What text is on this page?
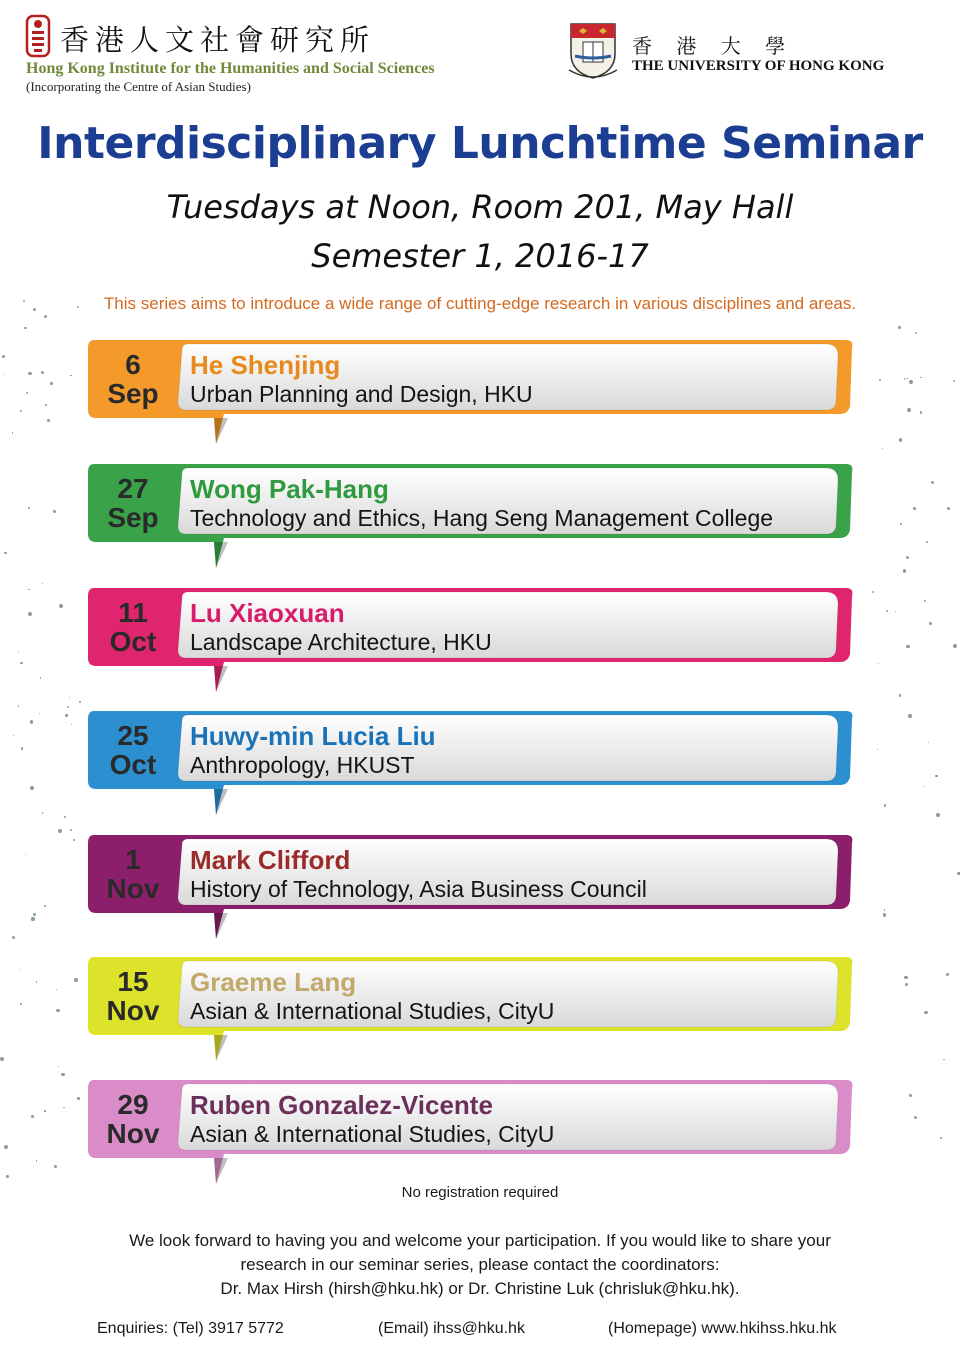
香港人文社會研究所
Hong Kong Institute for the Humanities and Social Sciences
(Incorporating the Centre of Asian Studies)
香 港 大 學
THE UNIVERSITY OF HONG KONG
Interdisciplinary Lunchtime Seminar
Tuesdays at Noon, Room 201, May Hall
Semester 1, 2016-17
This series aims to introduce a wide range of cutting-edge research in various disciplines and areas.
6
Sep
He Shenjing
Urban Planning and Design, HKU
27
Sep
Wong Pak-Hang
Technology and Ethics, Hang Seng Management College
11
Oct
Lu Xiaoxuan
Landscape Architecture, HKU
25
Oct
Huwy-min Lucia Liu
Anthropology, HKUST
1
Nov
Mark Clifford
History of Technology, Asia Business Council
15
Nov
Graeme Lang
Asian & International Studies, CityU
29
Nov
Ruben Gonzalez-Vicente
Asian & International Studies, CityU
No registration required
We look forward to having you and welcome your participation. If you would like to share your
research in our seminar series, please contact the coordinators:
Dr. Max Hirsh (hirsh@hku.hk) or Dr. Christine Luk (chrisluk@hku.hk).
Enquiries: (Tel) 3917 5772	(Email) ihss@hku.hk	(Homepage) www.hkihss.hku.hk
